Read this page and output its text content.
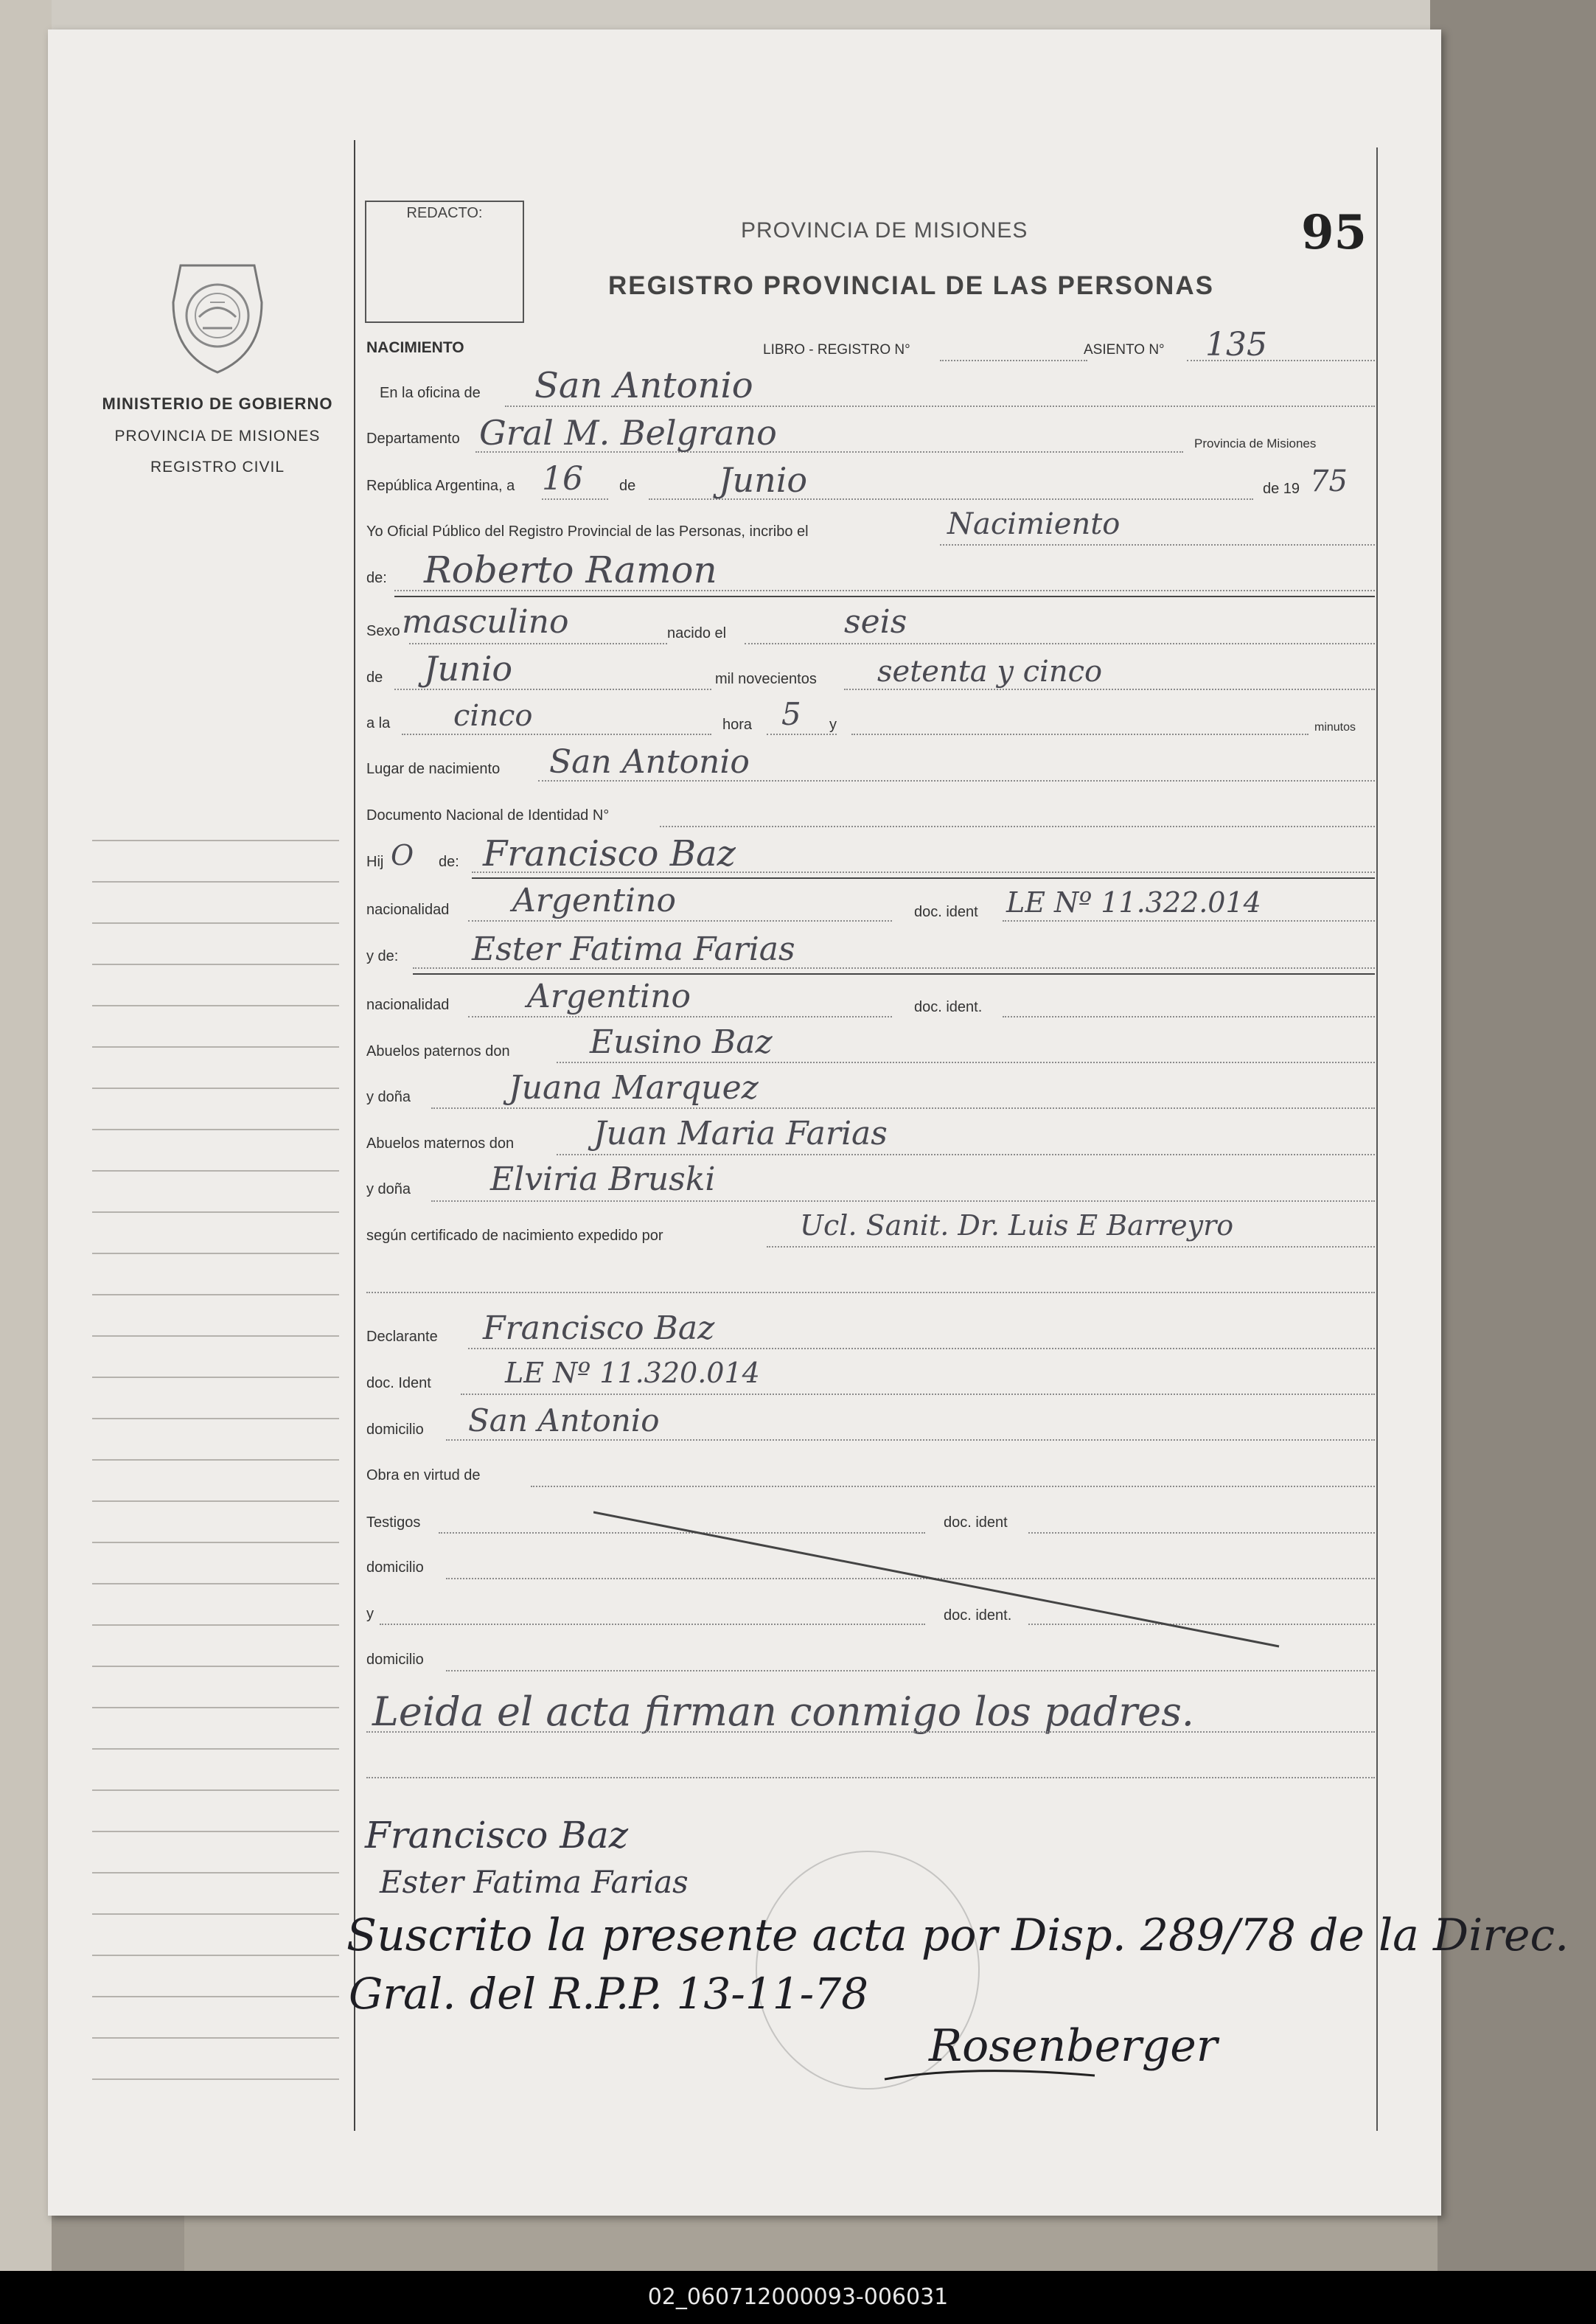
MINISTERIO DE GOBIERNO
PROVINCIA DE MISIONES
REGISTRO CIVIL
REDACTO:
PROVINCIA DE MISIONES
REGISTRO PROVINCIAL DE LAS PERSONAS
95
NACIMIENTO	LIBRO - REGISTRO N°	ASIENTO N° 135
En la oficina de San Antonio
Departamento Gral M. Belgrano	Provincia de Misiones
República Argentina, a 16 de Junio	de 19 75
Yo Oficial Público del Registro Provincial de las Personas, incribo el	Nacimiento
de: Roberto Ramon
Sexo masculino	nacido el	seis
de Junio	mil novecientos setenta y cinco
a la cinco	hora 5 y	minutos
Lugar de nacimiento San Antonio
Documento Nacional de Identidad N°
Hij O de: Francisco Baz
nacionalidad Argentino	doc. ident LE Nº 11.322.014
y de: Ester Fatima Farias
nacionalidad Argentino	doc. ident.
Abuelos paternos don Eusino Baz
y doña	Juana Marquez
Abuelos maternos don Juan Maria Farias
y doña Elviria Bruski
según certificado de nacimiento expedido por	Ucl. Sanit. Dr. Luis E Barreyro
Declarante Francisco Baz
doc. Ident	LE Nº 11.320.014
domicilio San Antonio
Obra en virtud de
Testigos	doc. ident
domicilio
y	doc. ident.
domicilio
Leida el acta firman conmigo los padres.
Francisco Baz
Ester Fatima Farias
Suscrito la presente acta por Disp. 289/78 de la Direc.
Gral. del R.P.P. 13-11-78
Rosenberger
02_060712000093-006031
